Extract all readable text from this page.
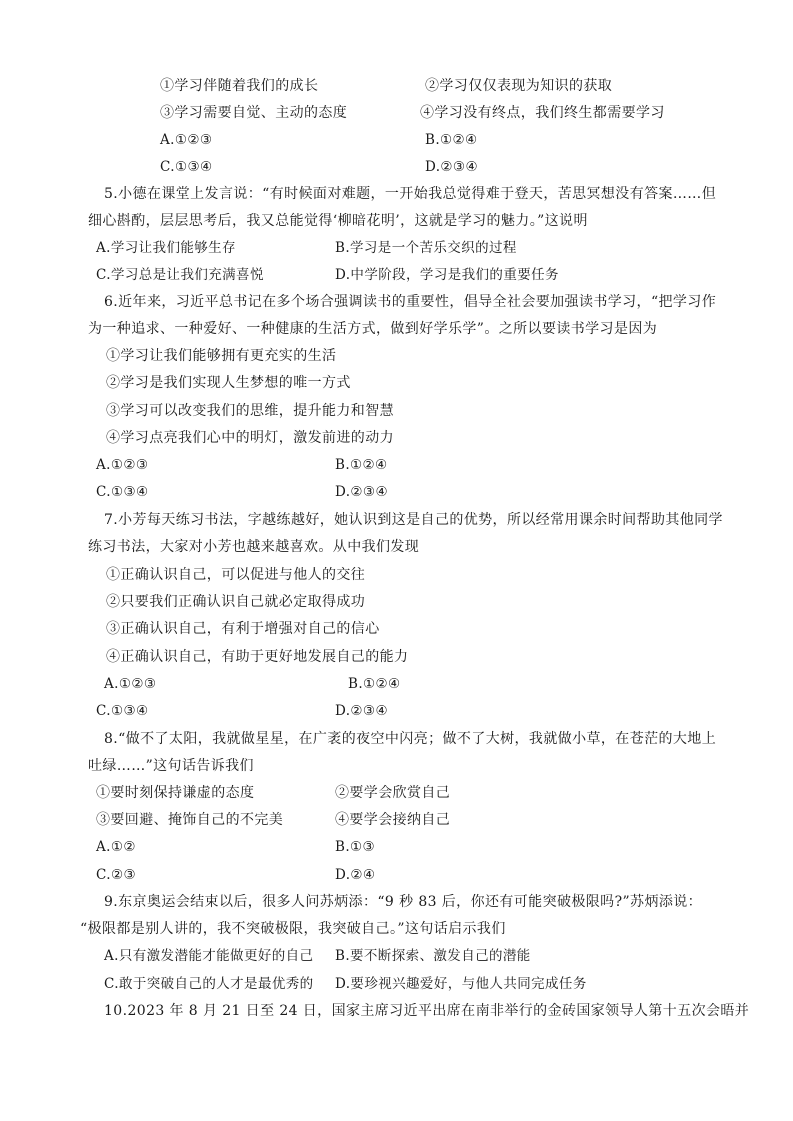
①学习伴随着我们的成长	②学习仅仅表现为知识的获取
③学习需要自觉、主动的态度	④学习没有终点，我们终生都需要学习
A.①②③	B.①②④
C.①③④	D.②③④
5.小德在课堂上发言说：“有时候面对难题，一开始我总觉得难于登天，苦思冥想没有答案……但
细心斟酌，层层思考后，我又总能觉得‘柳暗花明’，这就是学习的魅力。”这说明
A.学习让我们能够生存	B.学习是一个苦乐交织的过程
C.学习总是让我们充满喜悦	D.中学阶段，学习是我们的重要任务
6.近年来，习近平总书记在多个场合强调读书的重要性，倡导全社会要加强读书学习，“把学习作
为一种追求、一种爱好、一种健康的生活方式，做到好学乐学”。之所以要读书学习是因为
①学习让我们能够拥有更充实的生活
②学习是我们实现人生梦想的唯一方式
③学习可以改变我们的思维，提升能力和智慧
④学习点亮我们心中的明灯，激发前进的动力
A.①②③	B.①②④
C.①③④	D.②③④
7.小芳每天练习书法，字越练越好，她认识到这是自己的优势，所以经常用课余时间帮助其他同学
练习书法，大家对小芳也越来越喜欢。从中我们发现
①正确认识自己，可以促进与他人的交往
②只要我们正确认识自己就必定取得成功
③正确认识自己，有利于增强对自己的信心
④正确认识自己，有助于更好地发展自己的能力
A.①②③	B.①②④
C.①③④	D.②③④
8.“做不了太阳，我就做星星，在广袤的夜空中闪亮；做不了大树，我就做小草，在苍茫的大地上
吐绿……”这句话告诉我们
①要时刻保持谦虚的态度	②要学会欣赏自己
③要回避、掩饰自己的不完美	④要学会接纳自己
A.①②	B.①③
C.②③	D.②④
9.东京奥运会结束以后，很多人问苏炳添：“9 秒 83 后，你还有可能突破极限吗?”苏炳添说：
“极限都是别人讲的，我不突破极限，我突破自己。”这句话启示我们
A.只有激发潜能才能做更好的自己 B.要不断探索、激发自己的潜能
C.敢于突破自己的人才是最优秀的 D.要珍视兴趣爱好，与他人共同完成任务
10.2023 年 8 月 21 日至 24 日，国家主席习近平出席在南非举行的金砖国家领导人第十五次会晤并
